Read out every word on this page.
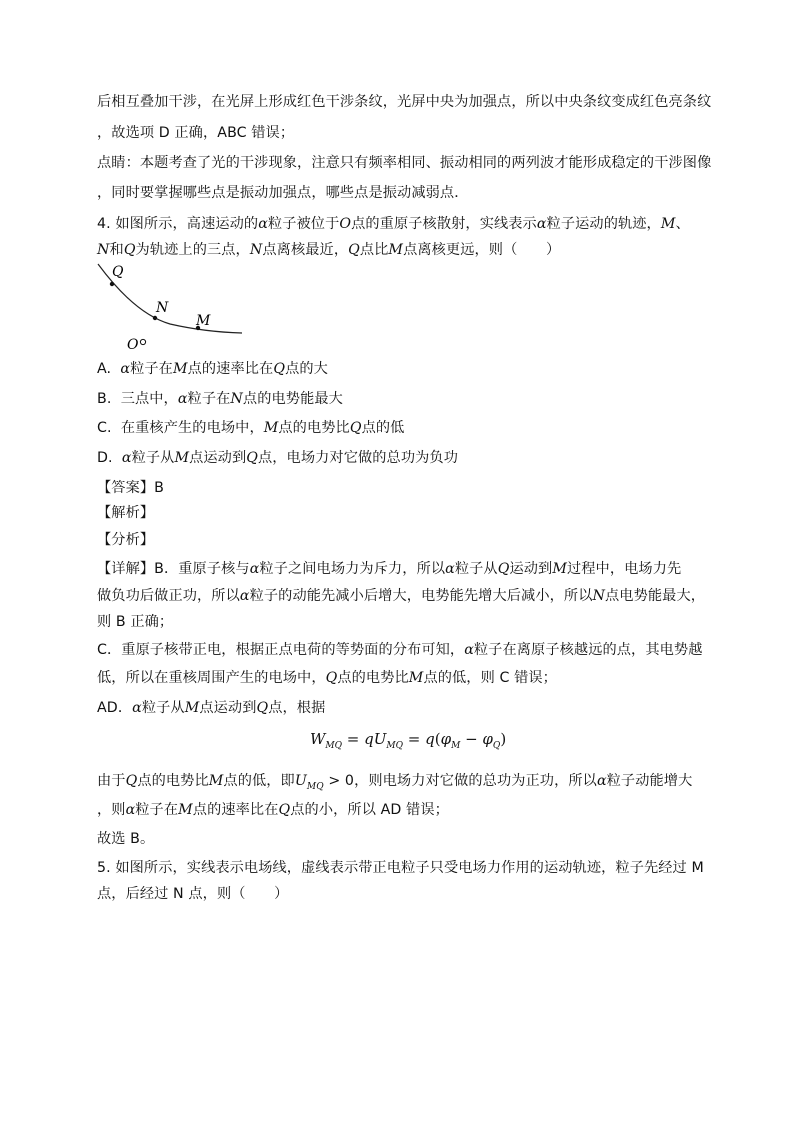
后相互叠加干涉，在光屏上形成红色干涉条纹，光屏中央为加强点，所以中央条纹变成红色亮条纹
，故选项 D 正确，ABC 错误；
点睛：本题考查了光的干涉现象，注意只有频率相同、振动相同的两列波才能形成稳定的干涉图像
，同时要掌握哪些点是振动加强点，哪些点是振动减弱点．
4. 如图所示，高速运动的α粒子被位于O点的重原子核散射，实线表示α粒子运动的轨迹，M、
N和Q为轨迹上的三点，N点离核最近，Q点比M点离核更远，则（　　）
Q
N
M
O
A. α粒子在M点的速率比在Q点的大
B. 三点中，α粒子在N点的电势能最大
C. 在重核产生的电场中，M点的电势比Q点的低
D. α粒子从M点运动到Q点，电场力对它做的总功为负功
【答案】B
【解析】
【分析】
【详解】B．重原子核与α粒子之间电场力为斥力，所以α粒子从Q运动到M过程中，电场力先
做负功后做正功，所以α粒子的动能先减小后增大，电势能先增大后减小，所以N点电势能最大，
则 B 正确；
C．重原子核带正电，根据正点电荷的等势面的分布可知，α粒子在离原子核越远的点，其电势越
低，所以在重核周围产生的电场中，Q点的电势比M点的低，则 C 错误；
AD．α粒子从M点运动到Q点，根据
$W_{MQ} = qU_{MQ} = q(\varphi_M - \varphi_Q)$
由于Q点的电势比M点的低，即$U_{MQ} > 0$，则电场力对它做的总功为正功，所以α粒子动能增大
，则α粒子在M点的速率比在Q点的小，所以 AD 错误；
故选 B。
5. 如图所示，实线表示电场线，虚线表示带正电粒子只受电场力作用的运动轨迹，粒子先经过 M
点，后经过 N 点，则（　　）
